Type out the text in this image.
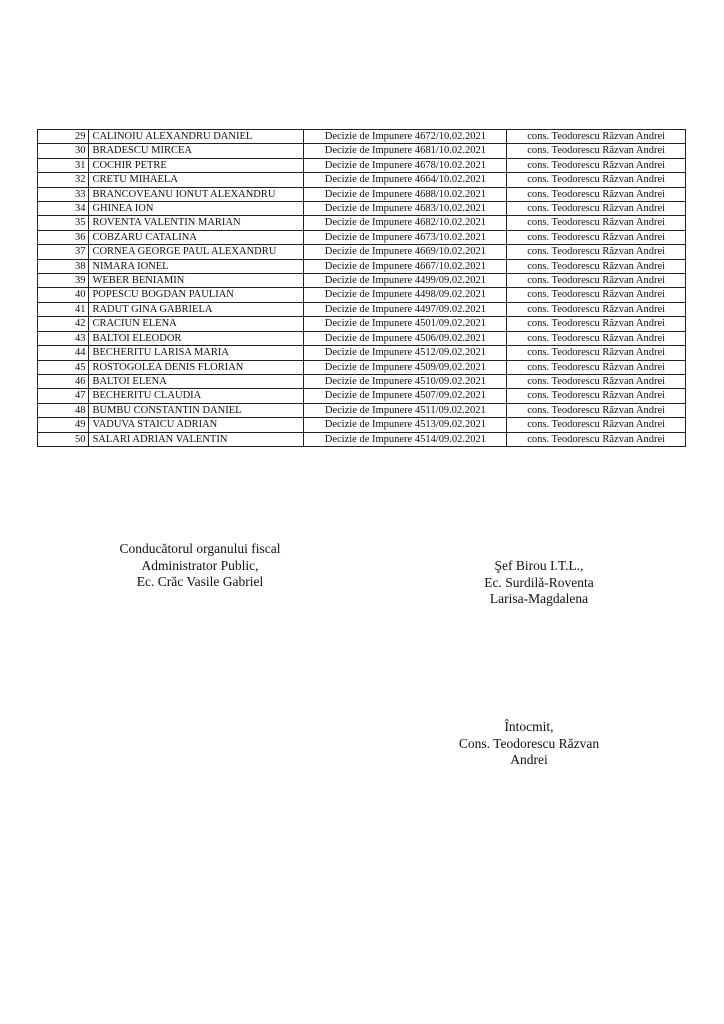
29	CALINOIU ALEXANDRU DANIEL	Decizie de Impunere 4672/10.02.2021	cons. Teodorescu Răzvan Andrei
30	BRADESCU MIRCEA	Decizie de Impunere 4681/10.02.2021	cons. Teodorescu Răzvan Andrei
31	COCHIR PETRE	Decizie de Impunere 4678/10.02.2021	cons. Teodorescu Răzvan Andrei
32	CRETU MIHAELA	Decizie de Impunere 4664/10.02.2021	cons. Teodorescu Răzvan Andrei
33	BRANCOVEANU IONUT ALEXANDRU	Decizie de Impunere 4688/10.02.2021	cons. Teodorescu Răzvan Andrei
34	GHINEA ION	Decizie de Impunere 4683/10.02.2021	cons. Teodorescu Răzvan Andrei
35	ROVENTA VALENTIN MARIAN	Decizie de Impunere 4682/10.02.2021	cons. Teodorescu Răzvan Andrei
36	COBZARU CATALINA	Decizie de Impunere 4673/10.02.2021	cons. Teodorescu Răzvan Andrei
37	CORNEA GEORGE PAUL ALEXANDRU	Decizie de Impunere 4669/10.02.2021	cons. Teodorescu Răzvan Andrei
38	NIMARA IONEL	Decizie de Impunere 4667/10.02.2021	cons. Teodorescu Răzvan Andrei
39	WEBER BENIAMIN	Decizie de Impunere 4499/09.02.2021	cons. Teodorescu Răzvan Andrei
40	POPESCU BOGDAN PAULIAN	Decizie de Impunere 4498/09.02.2021	cons. Teodorescu Răzvan Andrei
41	RADUT GINA GABRIELA	Decizie de Impunere 4497/09.02.2021	cons. Teodorescu Răzvan Andrei
42	CRACIUN ELENA	Decizie de Impunere 4501/09.02.2021	cons. Teodorescu Răzvan Andrei
43	BALTOI ELEODOR	Decizie de Impunere 4506/09.02.2021	cons. Teodorescu Răzvan Andrei
44	BECHERITU LARISA MARIA	Decizie de Impunere 4512/09.02.2021	cons. Teodorescu Răzvan Andrei
45	ROSTOGOLEA DENIS FLORIAN	Decizie de Impunere 4509/09.02.2021	cons. Teodorescu Răzvan Andrei
46	BALTOI ELENA	Decizie de Impunere 4510/09.02.2021	cons. Teodorescu Răzvan Andrei
47	BECHERITU CLAUDIA	Decizie de Impunere 4507/09.02.2021	cons. Teodorescu Răzvan Andrei
48	BUMBU CONSTANTIN DANIEL	Decizie de Impunere 4511/09.02.2021	cons. Teodorescu Răzvan Andrei
49	VADUVA STAICU ADRIAN	Decizie de Impunere 4513/09.02.2021	cons. Teodorescu Răzvan Andrei
50	SALARI ADRIAN VALENTIN	Decizie de Impunere 4514/09.02.2021	cons. Teodorescu Răzvan Andrei
Conducătorul organului fiscal
Administrator Public,
Ec. Crăc Vasile Gabriel
Şef Birou I.T.L.,
Ec. Surdilă-Roventa
Larisa-Magdalena
Întocmit,
Cons. Teodorescu Răzvan
Andrei
